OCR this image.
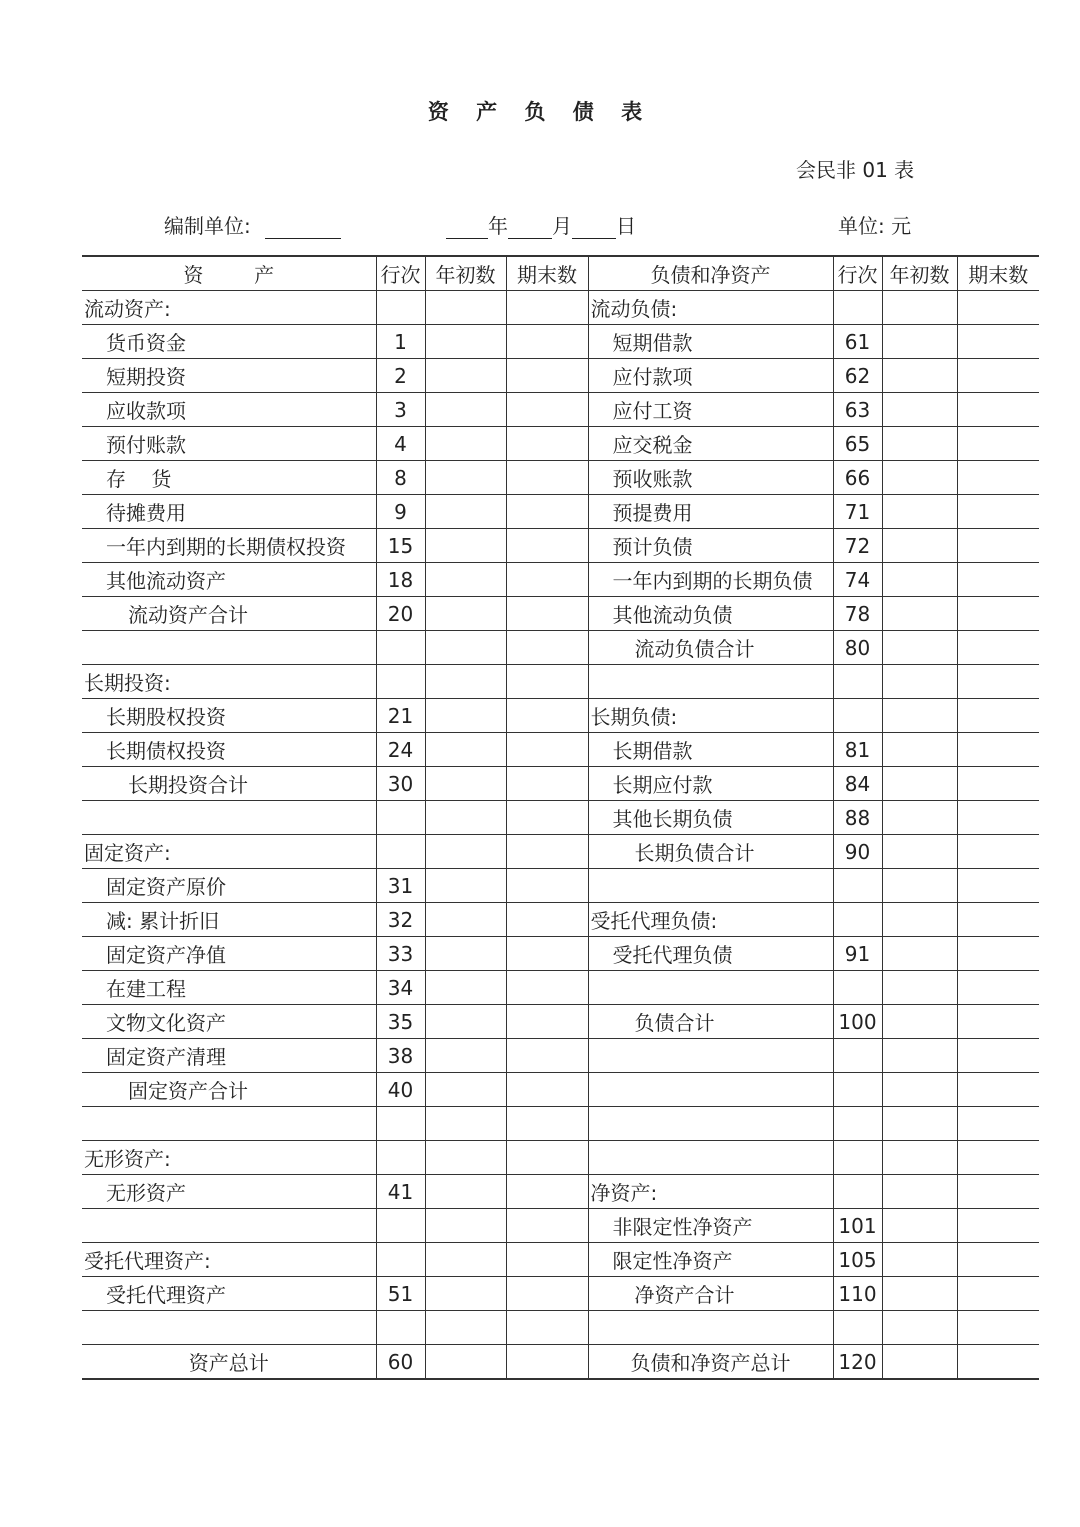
资 产 负 债 表
会民非 01 表
编制单位:	年 月 日	单位: 元
资        产	行次	年初数	期末数	负债和净资产	行次	年初数	期末数
流动资产:				流动负债:			
货币资金	1			短期借款	61		
短期投资	2			应付款项	62		
应收款项	3			应付工资	63		
预付账款	4			应交税金	65		
存    货	8			预收账款	66		
待摊费用	9			预提费用	71		
一年内到期的长期债权投资	15			预计负债	72		
其他流动资产	18			一年内到期的长期负债	74		
流动资产合计	20			其他流动负债	78		
				流动负债合计	80		
长期投资:							
长期股权投资	21			长期负债:			
长期债权投资	24			长期借款	81		
长期投资合计	30			长期应付款	84		
				其他长期负债	88		
固定资产:				长期负债合计	90		
固定资产原价	31						
减: 累计折旧	32			受托代理负债:			
固定资产净值	33			受托代理负债	91		
在建工程	34						
文物文化资产	35			负债合计	100		
固定资产清理	38						
固定资产合计	40						

无形资产:							
无形资产	41			净资产:			
				非限定性净资产	101		
受托代理资产:				限定性净资产	105		
受托代理资产	51			净资产合计	110		

资产总计	60			负债和净资产总计	120		
